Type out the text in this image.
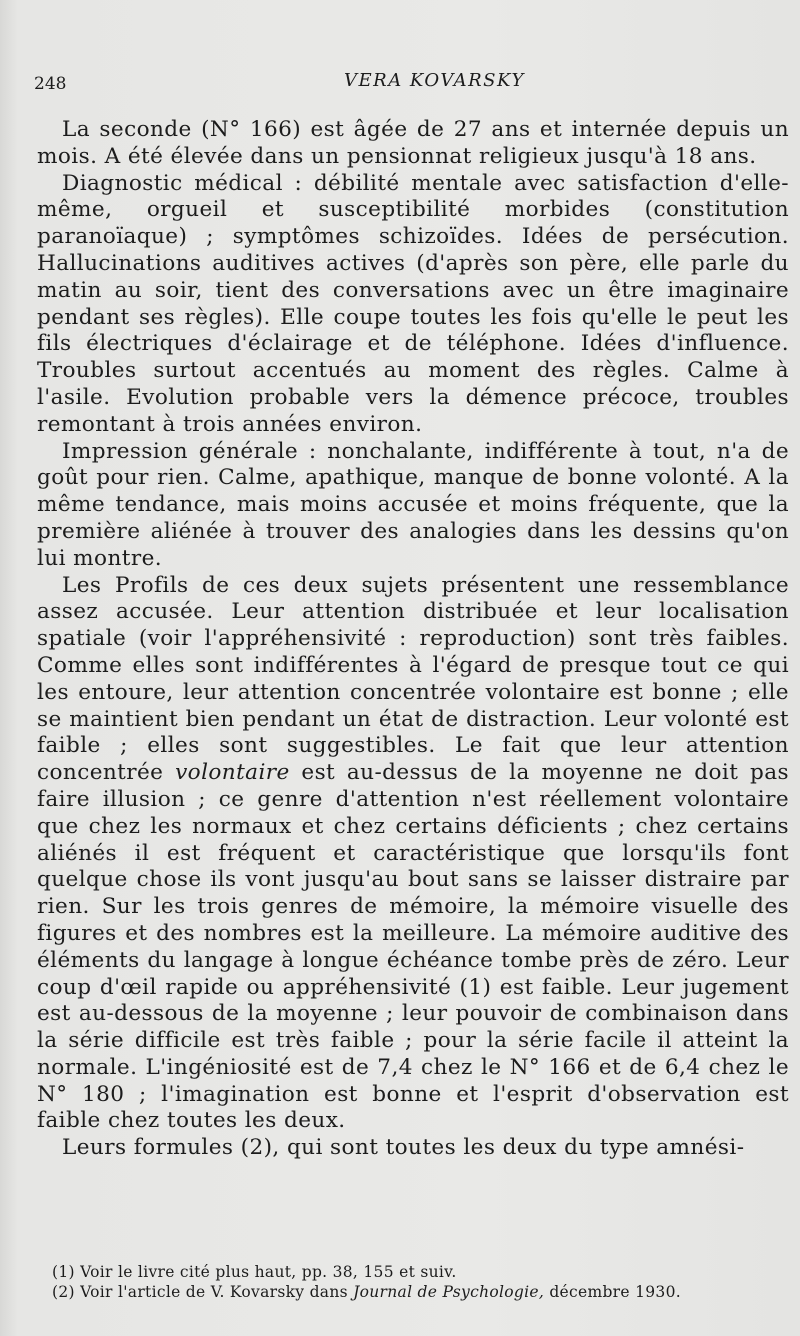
248	VERA KOVARSKY

La seconde (N° 166) est âgée de 27 ans et internée depuis un mois. A été élevée dans un pensionnat religieux jusqu'à 18 ans.

Diagnostic médical : débilité mentale avec satisfaction d'elle-même, orgueil et susceptibilité morbides (constitution paranoïaque) ; symptômes schizoïdes. Idées de persécution. Hallucinations auditives actives (d'après son père, elle parle du matin au soir, tient des conversations avec un être imaginaire pendant ses règles). Elle coupe toutes les fois qu'elle le peut les fils électriques d'éclairage et de téléphone. Idées d'influence. Troubles surtout accentués au moment des règles. Calme à l'asile. Evolution probable vers la démence précoce, troubles remontant à trois années environ.

Impression générale : nonchalante, indifférente à tout, n'a de goût pour rien. Calme, apathique, manque de bonne volonté. A la même tendance, mais moins accusée et moins fréquente, que la première aliénée à trouver des analogies dans les dessins qu'on lui montre.

Les Profils de ces deux sujets présentent une ressemblance assez accusée. Leur attention distribuée et leur localisation spatiale (voir l'appréhensivité : reproduction) sont très faibles. Comme elles sont indifférentes à l'égard de presque tout ce qui les entoure, leur attention concentrée volontaire est bonne ; elle se maintient bien pendant un état de distraction. Leur volonté est faible ; elles sont suggestibles. Le fait que leur attention concentrée volontaire est au-dessus de la moyenne ne doit pas faire illusion ; ce genre d'attention n'est réellement volontaire que chez les normaux et chez certains déficients ; chez certains aliénés il est fréquent et caractéristique que lorsqu'ils font quelque chose ils vont jusqu'au bout sans se laisser distraire par rien. Sur les trois genres de mémoire, la mémoire visuelle des figures et des nombres est la meilleure. La mémoire auditive des éléments du langage à longue échéance tombe près de zéro. Leur coup d'œil rapide ou appréhensivité (1) est faible. Leur jugement est au-dessous de la moyenne ; leur pouvoir de combinaison dans la série difficile est très faible ; pour la série facile il atteint la normale. L'ingéniosité est de 7,4 chez le N° 166 et de 6,4 chez le N° 180 ; l'imagination est bonne et l'esprit d'observation est faible chez toutes les deux.

Leurs formules (2), qui sont toutes les deux du type amnési-

(1) Voir le livre cité plus haut, pp. 38, 155 et suiv.

(2) Voir l'article de V. Kovarsky dans Journal de Psychologie, décembre 1930.
